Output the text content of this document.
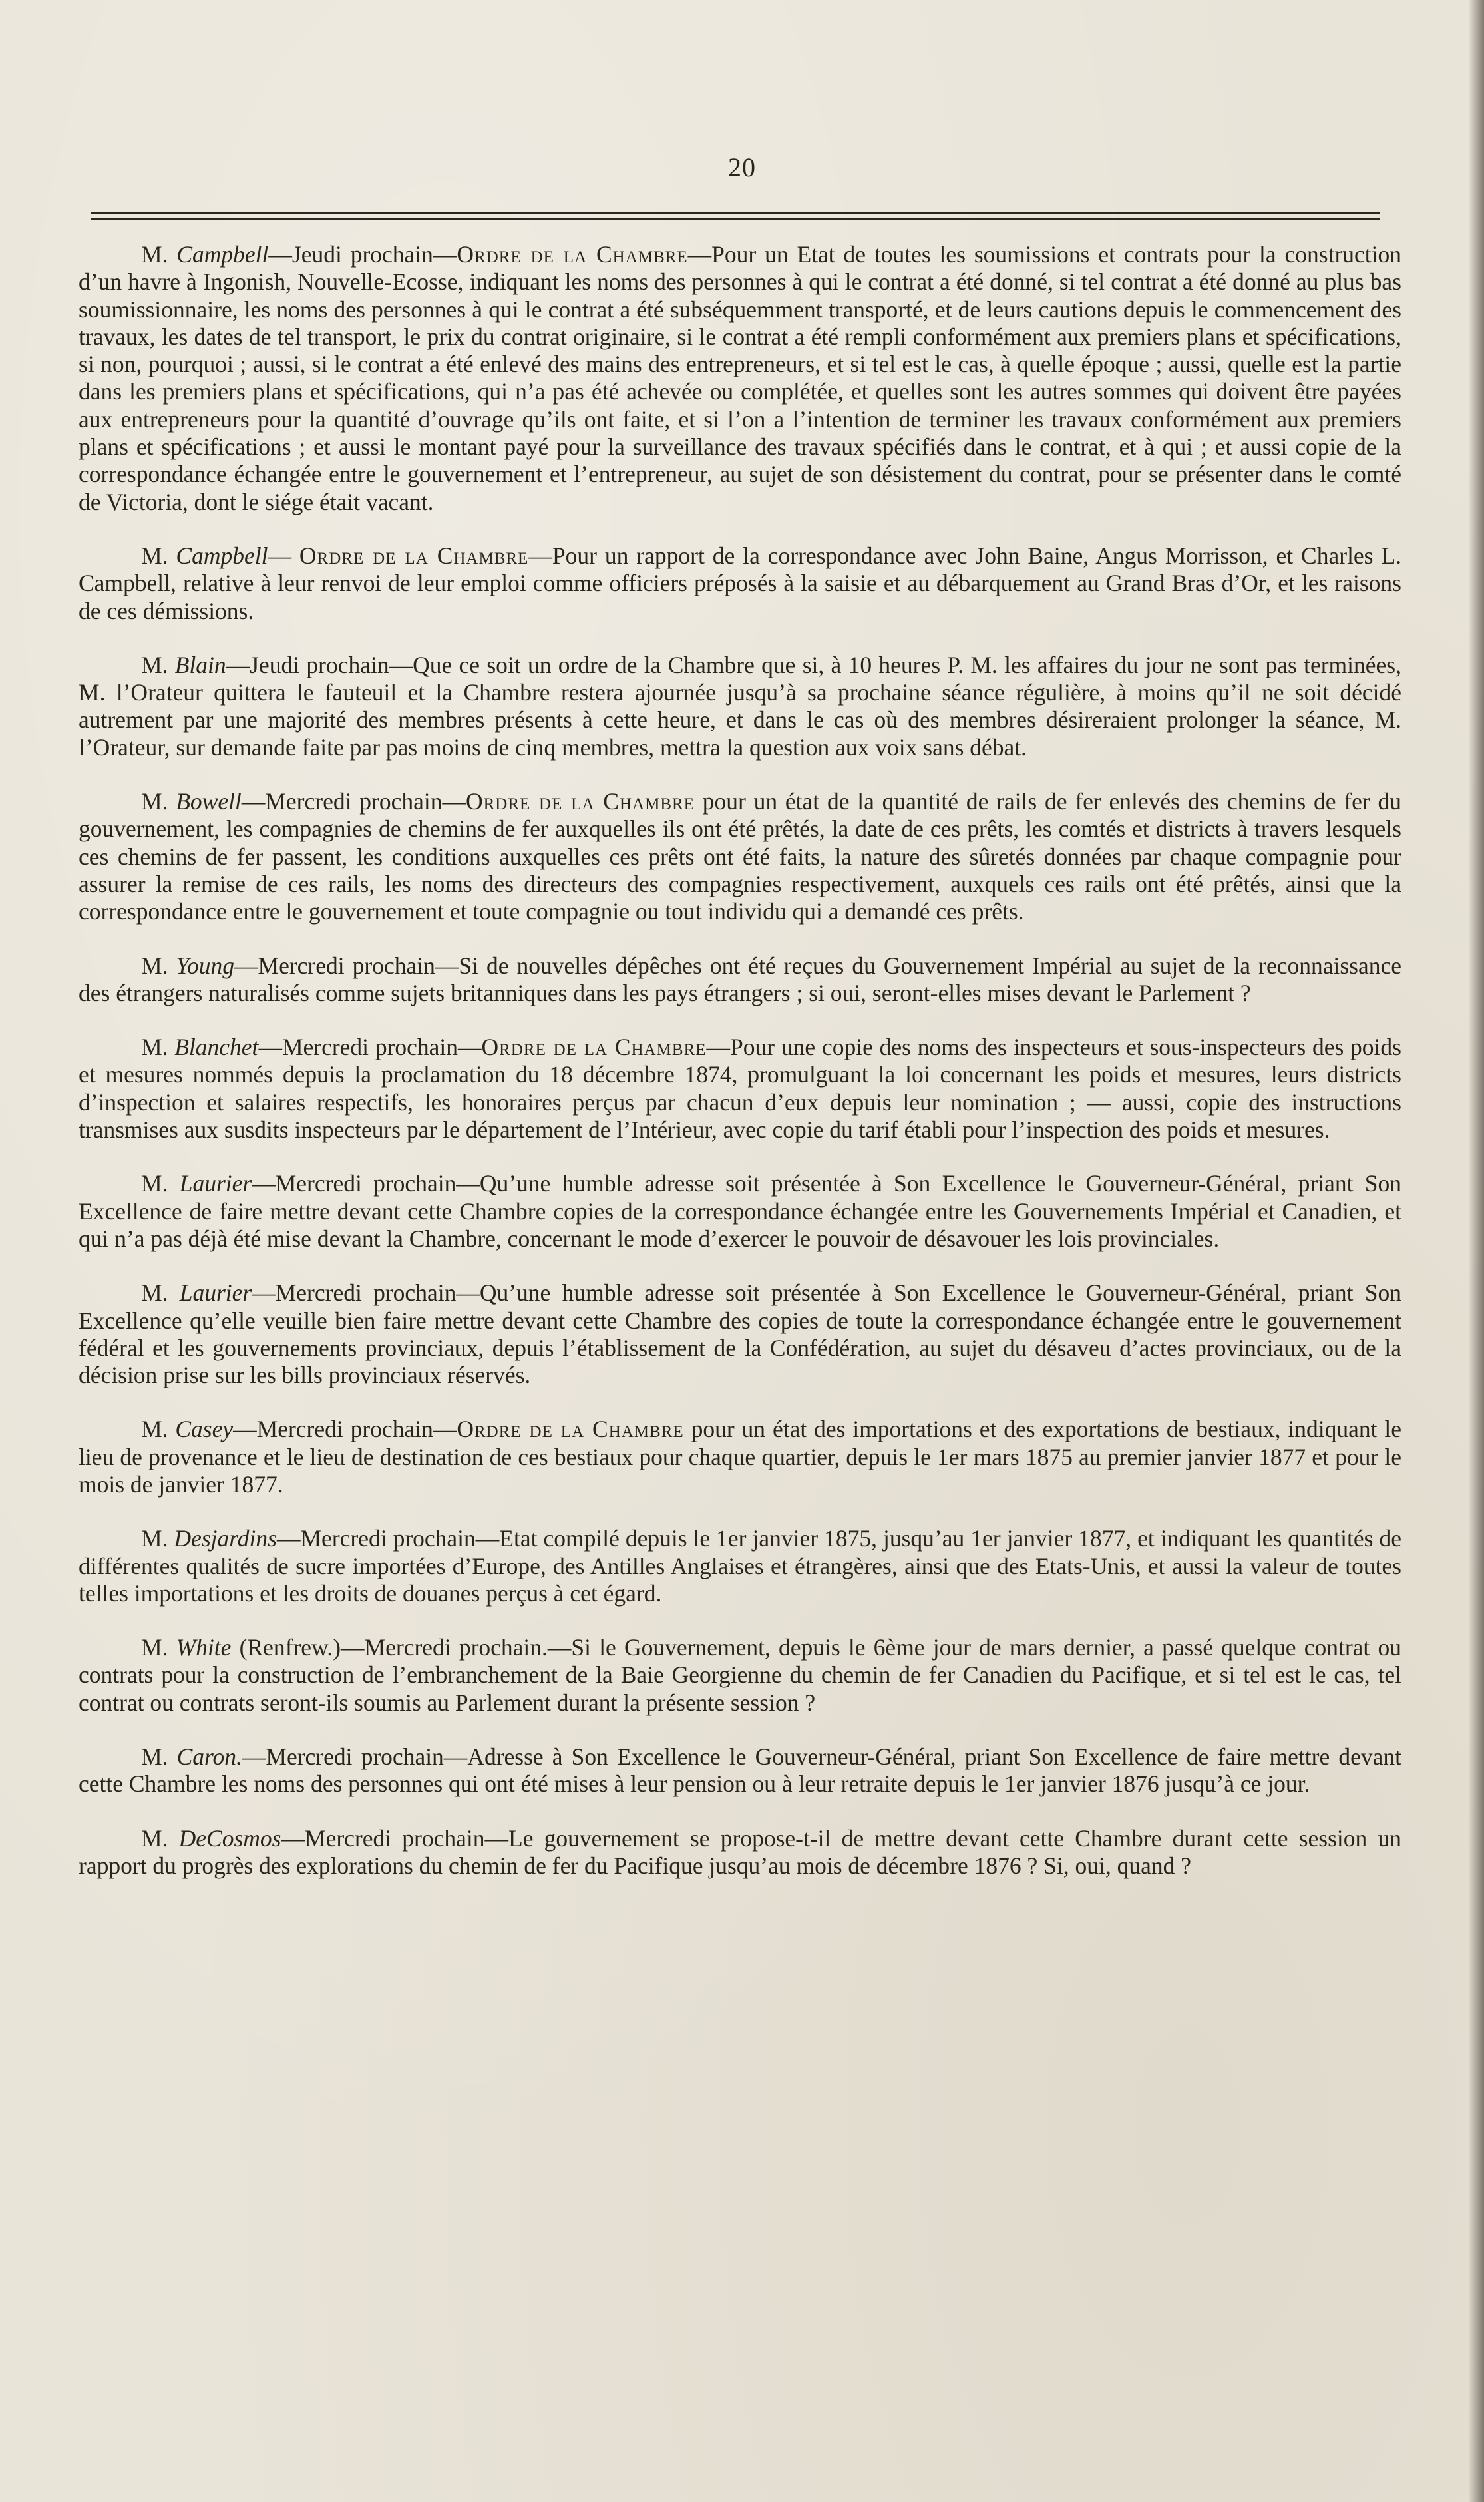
20

M. Campbell—Jeudi prochain—Ordre de la Chambre—Pour un Etat de toutes les soumissions et contrats pour la construction d’un havre à Ingonish, Nouvelle-Ecosse, indiquant les noms des personnes à qui le contrat a été donné, si tel contrat a été donné au plus bas soumissionnaire, les noms des personnes à qui le contrat a été subséquemment transporté, et de leurs cautions depuis le commencement des travaux, les dates de tel transport, le prix du contrat originaire, si le contrat a été rempli conformément aux premiers plans et spécifications, si non, pourquoi ; aussi, si le contrat a été enlevé des mains des entrepreneurs, et si tel est le cas, à quelle époque ; aussi, quelle est la partie dans les premiers plans et spécifications, qui n’a pas été achevée ou complétée, et quelles sont les autres sommes qui doivent être payées aux entrepreneurs pour la quantité d’ouvrage qu’ils ont faite, et si l’on a l’intention de terminer les travaux conformément aux premiers plans et spécifications ; et aussi le montant payé pour la surveillance des travaux spécifiés dans le contrat, et à qui ; et aussi copie de la correspondance échangée entre le gouvernement et l’entrepreneur, au sujet de son désistement du contrat, pour se présenter dans le comté de Victoria, dont le siége était vacant.

M. Campbell— Ordre de la Chambre—Pour un rapport de la correspondance avec John Baine, Angus Morrisson, et Charles L. Campbell, relative à leur renvoi de leur emploi comme officiers préposés à la saisie et au débarquement au Grand Bras d’Or, et les raisons de ces démissions.

M. Blain—Jeudi prochain—Que ce soit un ordre de la Chambre que si, à 10 heures P. M. les affaires du jour ne sont pas terminées, M. l’Orateur quittera le fauteuil et la Chambre restera ajournée jusqu’à sa prochaine séance régulière, à moins qu’il ne soit décidé autrement par une majorité des membres présents à cette heure, et dans le cas où des membres désireraient prolonger la séance, M. l’Orateur, sur demande faite par pas moins de cinq membres, mettra la question aux voix sans débat.

M. Bowell—Mercredi prochain—Ordre de la Chambre pour un état de la quantité de rails de fer enlevés des chemins de fer du gouvernement, les compagnies de chemins de fer auxquelles ils ont été prêtés, la date de ces prêts, les comtés et districts à travers lesquels ces chemins de fer passent, les conditions auxquelles ces prêts ont été faits, la nature des sûretés données par chaque compagnie pour assurer la remise de ces rails, les noms des directeurs des compagnies respectivement, auxquels ces rails ont été prêtés, ainsi que la correspondance entre le gouvernement et toute compagnie ou tout individu qui a demandé ces prêts.

M. Young—Mercredi prochain—Si de nouvelles dépêches ont été reçues du Gouvernement Impérial au sujet de la reconnaissance des étrangers naturalisés comme sujets britanniques dans les pays étrangers ; si oui, seront-elles mises devant le Parlement ?

M. Blanchet—Mercredi prochain—Ordre de la Chambre—Pour une copie des noms des inspecteurs et sous-inspecteurs des poids et mesures nommés depuis la proclamation du 18 décembre 1874, promulguant la loi concernant les poids et mesures, leurs districts d’inspection et salaires respectifs, les honoraires perçus par chacun d’eux depuis leur nomination ; — aussi, copie des instructions transmises aux susdits inspecteurs par le département de l’Intérieur, avec copie du tarif établi pour l’inspection des poids et mesures.

M. Laurier—Mercredi prochain—Qu’une humble adresse soit présentée à Son Excellence le Gouverneur-Général, priant Son Excellence de faire mettre devant cette Chambre copies de la correspondance échangée entre les Gouvernements Impérial et Canadien, et qui n’a pas déjà été mise devant la Chambre, concernant le mode d’exercer le pouvoir de désavouer les lois provinciales.

M. Laurier—Mercredi prochain—Qu’une humble adresse soit présentée à Son Excellence le Gouverneur-Général, priant Son Excellence qu’elle veuille bien faire mettre devant cette Chambre des copies de toute la correspondance échangée entre le gouvernement fédéral et les gouvernements provinciaux, depuis l’établissement de la Confédération, au sujet du désaveu d’actes provinciaux, ou de la décision prise sur les bills provinciaux réservés.

M. Casey—Mercredi prochain—Ordre de la Chambre pour un état des importations et des exportations de bestiaux, indiquant le lieu de provenance et le lieu de destination de ces bestiaux pour chaque quartier, depuis le 1er mars 1875 au premier janvier 1877 et pour le mois de janvier 1877.

M. Desjardins—Mercredi prochain—Etat compilé depuis le 1er janvier 1875, jusqu’au 1er janvier 1877, et indiquant les quantités de différentes qualités de sucre importées d’Europe, des Antilles Anglaises et étrangères, ainsi que des Etats-Unis, et aussi la valeur de toutes telles importations et les droits de douanes perçus à cet égard.

M. White (Renfrew.)—Mercredi prochain.—Si le Gouvernement, depuis le 6ème jour de mars dernier, a passé quelque contrat ou contrats pour la construction de l’embranchement de la Baie Georgienne du chemin de fer Canadien du Pacifique, et si tel est le cas, tel contrat ou contrats seront-ils soumis au Parlement durant la présente session ?

M. Caron.—Mercredi prochain—Adresse à Son Excellence le Gouverneur-Général, priant Son Excellence de faire mettre devant cette Chambre les noms des personnes qui ont été mises à leur pension ou à leur retraite depuis le 1er janvier 1876 jusqu’à ce jour.

M. DeCosmos—Mercredi prochain—Le gouvernement se propose-t-il de mettre devant cette Chambre durant cette session un rapport du progrès des explorations du chemin de fer du Pacifique jusqu’au mois de décembre 1876 ? Si, oui, quand ?
